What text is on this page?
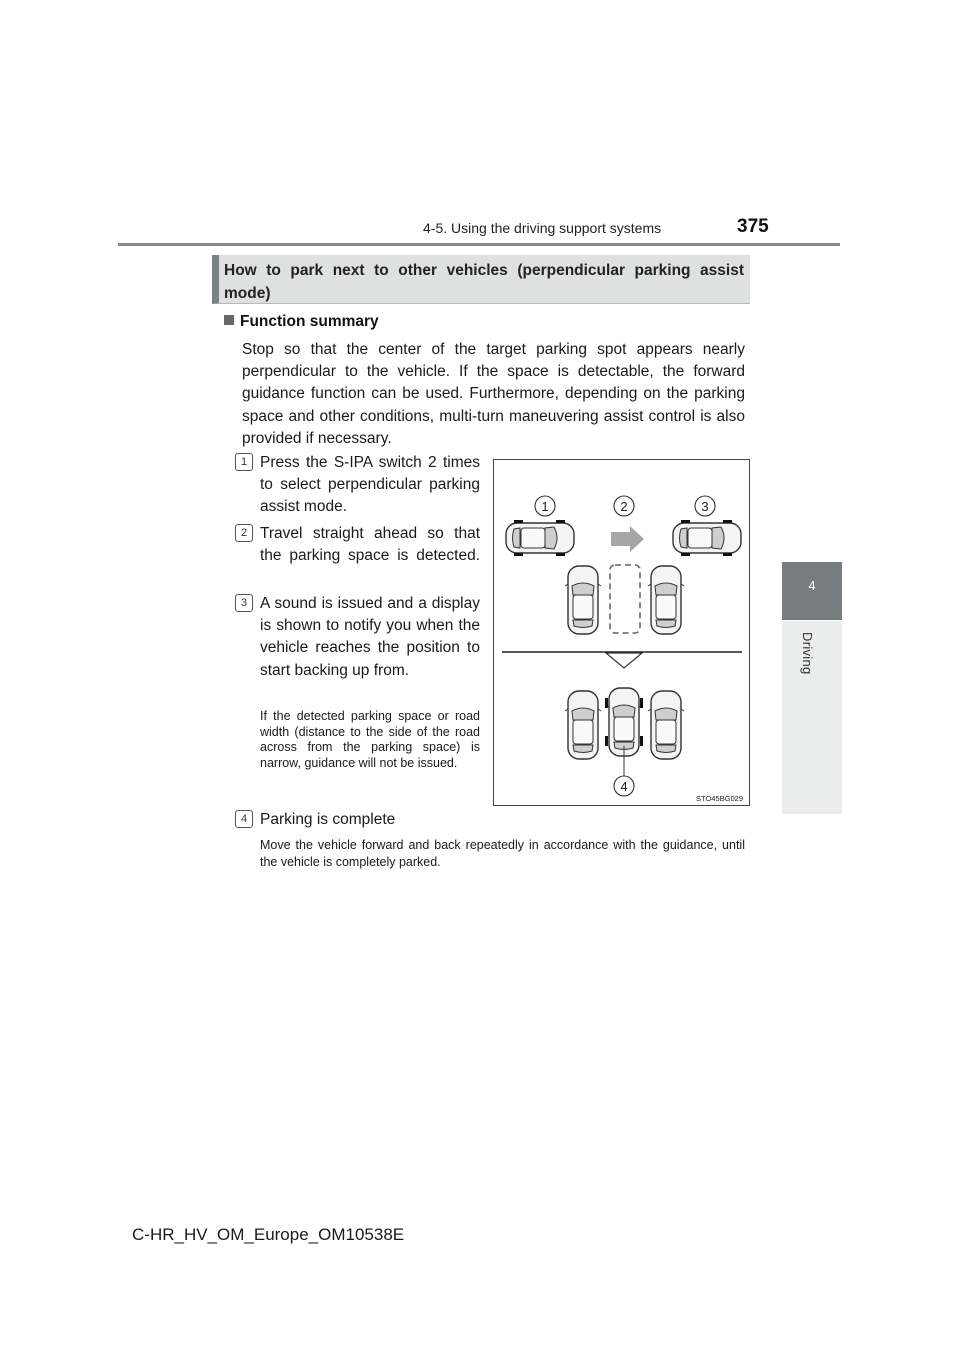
4-5. Using the driving support systems	375
4
Driving
How to park next to other vehicles (perpendicular parking assist mode)
Function summary
Stop so that the center of the target parking spot appears nearly perpendicular to the vehicle. If the space is detectable, the forward guidance function can be used. Furthermore, depending on the parking space and other conditions, multi-turn maneuvering assist control is also provided if necessary.
1 Press the S-IPA switch 2 times to select perpendicular parking assist mode.
2 Travel straight ahead so that the parking space is detected.
3 A sound is issued and a display is shown to notify you when the vehicle reaches the position to start backing up from.
If the detected parking space or road width (distance to the side of the road across from the parking space) is narrow, guidance will not be issued.
4 Parking is complete
Move the vehicle forward and back repeatedly in accordance with the guidance, until the vehicle is completely parked.
1	2	3
4
STO45BG029
C-HR_HV_OM_Europe_OM10538E
